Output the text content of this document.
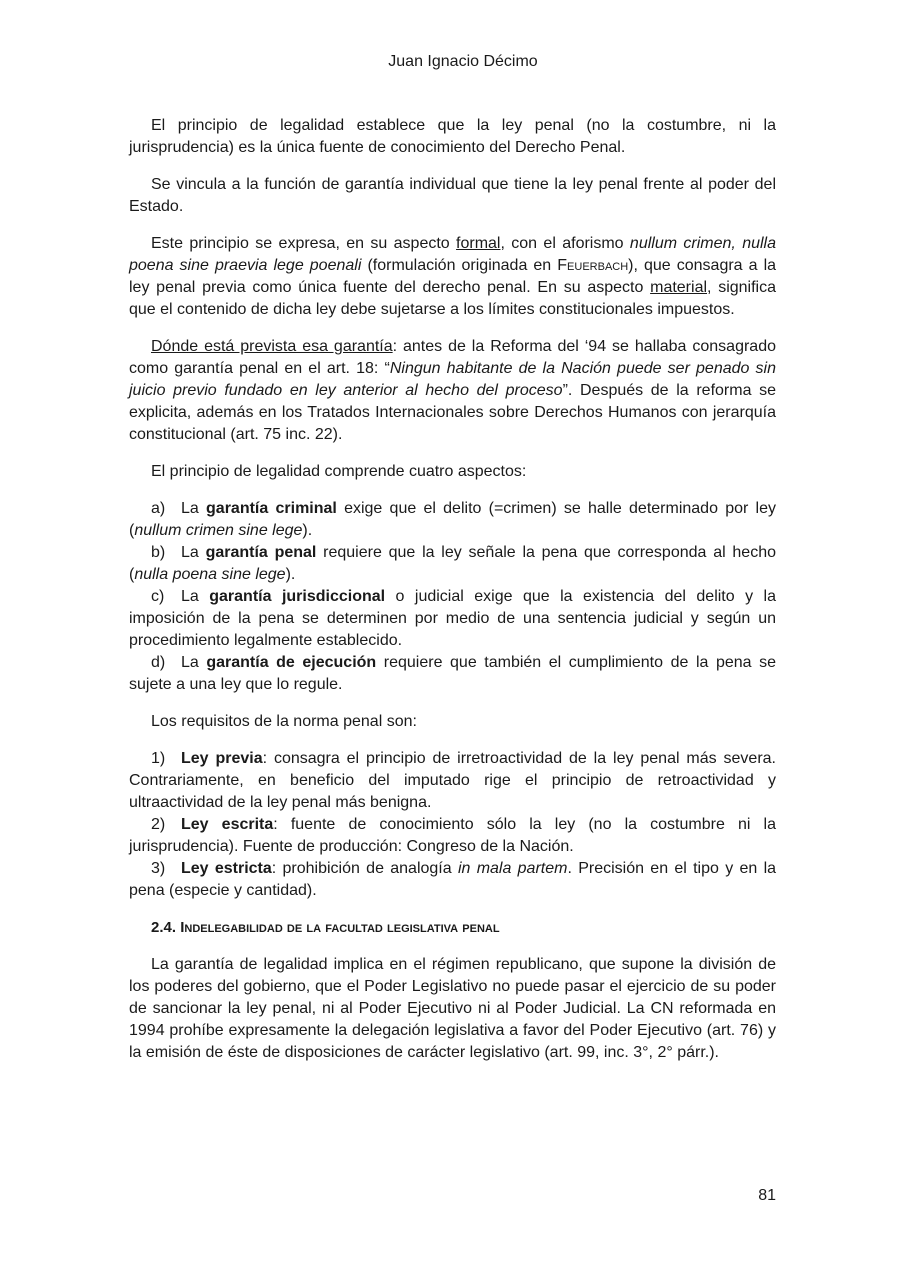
Juan Ignacio Décimo

El principio de legalidad establece que la ley penal (no la costumbre, ni la jurisprudencia) es la única fuente de conocimiento del Derecho Penal.

Se vincula a la función de garantía individual que tiene la ley penal frente al poder del Estado.

Este principio se expresa, en su aspecto formal, con el aforismo nullum crimen, nulla poena sine praevia lege poenali (formulación originada en Feuerbach), que consagra a la ley penal previa como única fuente del derecho penal. En su aspecto material, significa que el contenido de dicha ley debe sujetarse a los límites constitucionales impuestos.

Dónde está prevista esa garantía: antes de la Reforma del ‘94 se hallaba consagrado como garantía penal en el art. 18: “Ningun habitante de la Nación puede ser penado sin juicio previo fundado en ley anterior al hecho del proceso”. Después de la reforma se explicita, además en los Tratados Internacionales sobre Derechos Humanos con jerarquía constitucional (art. 75 inc. 22).

El principio de legalidad comprende cuatro aspectos:

a) La garantía criminal exige que el delito (=crimen) se halle determinado por ley (nullum crimen sine lege).

b) La garantía penal requiere que la ley señale la pena que corresponda al hecho (nulla poena sine lege).

c) La garantía jurisdiccional o judicial exige que la existencia del delito y la imposición de la pena se determinen por medio de una sentencia judicial y según un procedimiento legalmente establecido.

d) La garantía de ejecución requiere que también el cumplimiento de la pena se sujete a una ley que lo regule.

Los requisitos de la norma penal son:

1) Ley previa: consagra el principio de irretroactividad de la ley penal más severa. Contrariamente, en beneficio del imputado rige el principio de retroactividad y ultraactividad de la ley penal más benigna.

2) Ley escrita: fuente de conocimiento sólo la ley (no la costumbre ni la jurisprudencia). Fuente de producción: Congreso de la Nación.

3) Ley estricta: prohibición de analogía in mala partem. Precisión en el tipo y en la pena (especie y cantidad).

2.4. Indelegabilidad de la facultad legislativa penal

La garantía de legalidad implica en el régimen republicano, que supone la división de los poderes del gobierno, que el Poder Legislativo no puede pasar el ejercicio de su poder de sancionar la ley penal, ni al Poder Ejecutivo ni al Poder Judicial. La CN reformada en 1994 prohíbe expresamente la delegación legislativa a favor del Poder Ejecutivo (art. 76) y la emisión de éste de disposiciones de carácter legislativo (art. 99, inc. 3°, 2° párr.).

81
